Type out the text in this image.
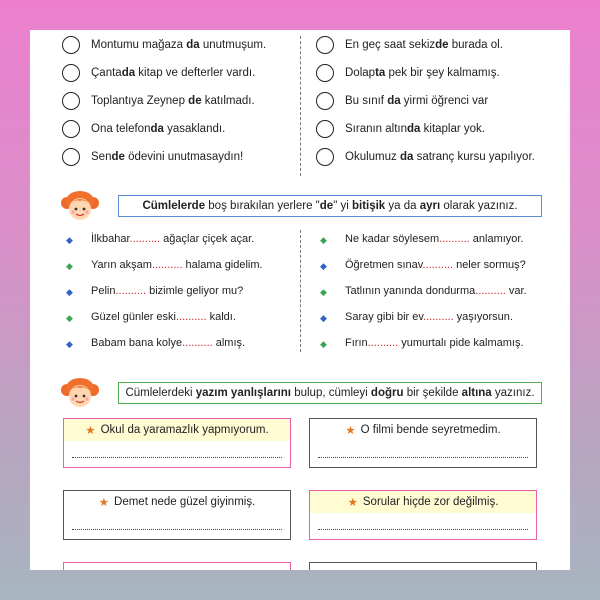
Montumu mağaza da unutmuşum.
Çantada kitap ve defterler vardı.
Toplantıya Zeynep de katılmadı.
Ona telefonda yasaklandı.
Sende ödevini unutmasaydın!
En geç saat sekizde burada ol.
Dolapta pek bir şey kalmamış.
Bu sınıf da yirmi öğrenci var
Sıranın altında kitaplar yok.
Okulumuz da satranç kursu yapılıyor.
Cümlelerde boş bırakılan yerlere "de" yi bitişik ya da ayrı olarak yazınız.
◆ İlkbahar.......... ağaçlar çiçek açar.
◆ Yarın akşam.......... halama gidelim.
◆ Pelin.......... bizimle geliyor mu?
◆ Güzel günler eski.......... kaldı.
◆ Babam bana kolye.......... almış.
◆ Ne kadar söylesem.......... anlamıyor.
◆ Öğretmen sınav.......... neler sormuş?
◆ Tatlının yanında dondurma.......... var.
◆ Saray gibi bir ev.......... yaşıyorsun.
◆ Fırın.......... yumurtalı pide kalmamış.
Cümlelerdeki yazım yanlışlarını bulup, cümleyi doğru bir şekilde altına yazınız.
★ Okul da yaramazlık yapmıyorum.	★ O filmi bende seyretmedim.
★ Demet nede güzel giyinmiş.	★ Sorular hiçde zor değilmiş.
